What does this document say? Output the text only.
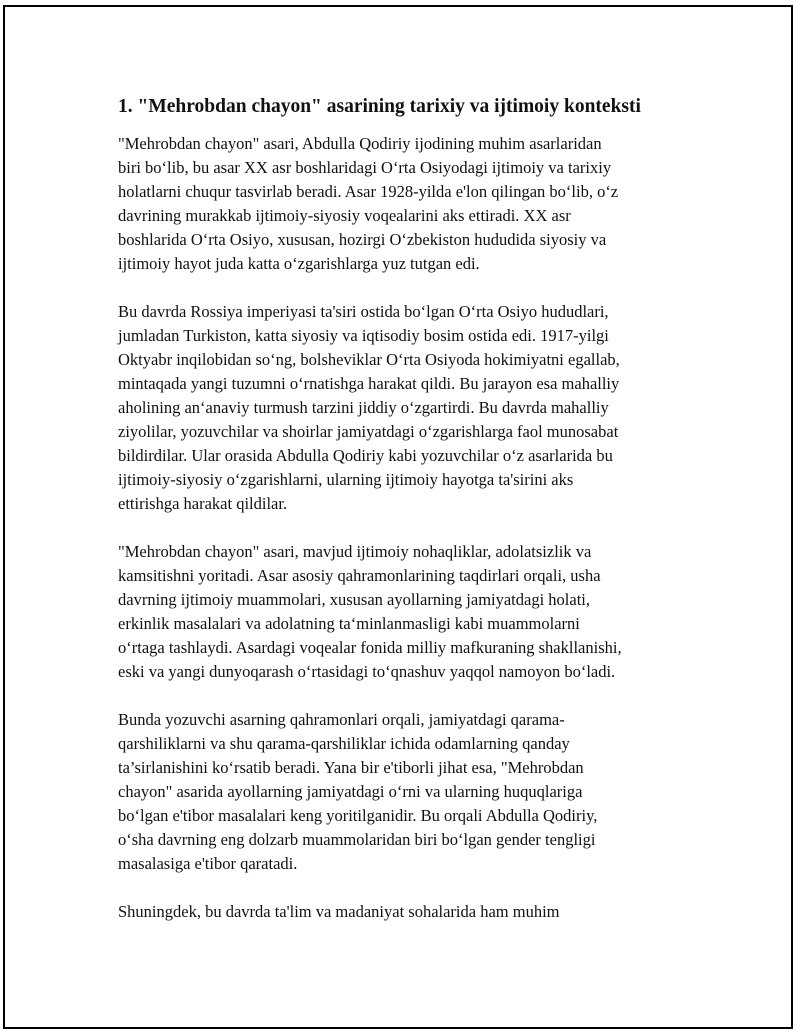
1. "Mehrobdan chayon" asarining tarixiy va ijtimoiy konteksti
"Mehrobdan chayon" asari, Abdulla Qodiriy ijodining muhim asarlaridan
biri bo‘lib, bu asar XX asr boshlaridagi O‘rta Osiyodagi ijtimoiy va tarixiy
holatlarni chuqur tasvirlab beradi. Asar 1928-yilda e'lon qilingan bo‘lib, o‘z
davrining murakkab ijtimoiy-siyosiy voqealarini aks ettiradi. XX asr
boshlarida O‘rta Osiyo, xususan, hozirgi O‘zbekiston hududida siyosiy va
ijtimoiy hayot juda katta o‘zgarishlarga yuz tutgan edi.
Bu davrda Rossiya imperiyasi ta'siri ostida bo‘lgan O‘rta Osiyo hududlari,
jumladan Turkiston, katta siyosiy va iqtisodiy bosim ostida edi. 1917-yilgi
Oktyabr inqilobidan so‘ng, bolsheviklar O‘rta Osiyoda hokimiyatni egallab,
mintaqada yangi tuzumni o‘rnatishga harakat qildi. Bu jarayon esa mahalliy
aholining an‘anaviy turmush tarzini jiddiy o‘zgartirdi. Bu davrda mahalliy
ziyolilar, yozuvchilar va shoirlar jamiyatdagi o‘zgarishlarga faol munosabat
bildirdilar. Ular orasida Abdulla Qodiriy kabi yozuvchilar o‘z asarlarida bu
ijtimoiy-siyosiy o‘zgarishlarni, ularning ijtimoiy hayotga ta'sirini aks
ettirishga harakat qildilar.
"Mehrobdan chayon" asari, mavjud ijtimoiy nohaqliklar, adolatsizlik va
kamsitishni yoritadi. Asar asosiy qahramonlarining taqdirlari orqali, usha
davrning ijtimoiy muammolari, xususan ayollarning jamiyatdagi holati,
erkinlik masalalari va adolatning ta‘minlanmasligi kabi muammolarni
o‘rtaga tashlaydi. Asardagi voqealar fonida milliy mafkuraning shakllanishi,
eski va yangi dunyoqarash o‘rtasidagi to‘qnashuv yaqqol namoyon bo‘ladi.
Bunda yozuvchi asarning qahramonlari orqali, jamiyatdagi qarama-
qarshiliklarni va shu qarama-qarshiliklar ichida odamlarning qanday
ta’sirlanishini ko‘rsatib beradi. Yana bir e'tiborli jihat esa, "Mehrobdan
chayon" asarida ayollarning jamiyatdagi o‘rni va ularning huquqlariga
bo‘lgan e'tibor masalalari keng yoritilganidir. Bu orqali Abdulla Qodiriy,
o‘sha davrning eng dolzarb muammolaridan biri bo‘lgan gender tengligi
masalasiga e'tibor qaratadi.
Shuningdek, bu davrda ta'lim va madaniyat sohalarida ham muhim
